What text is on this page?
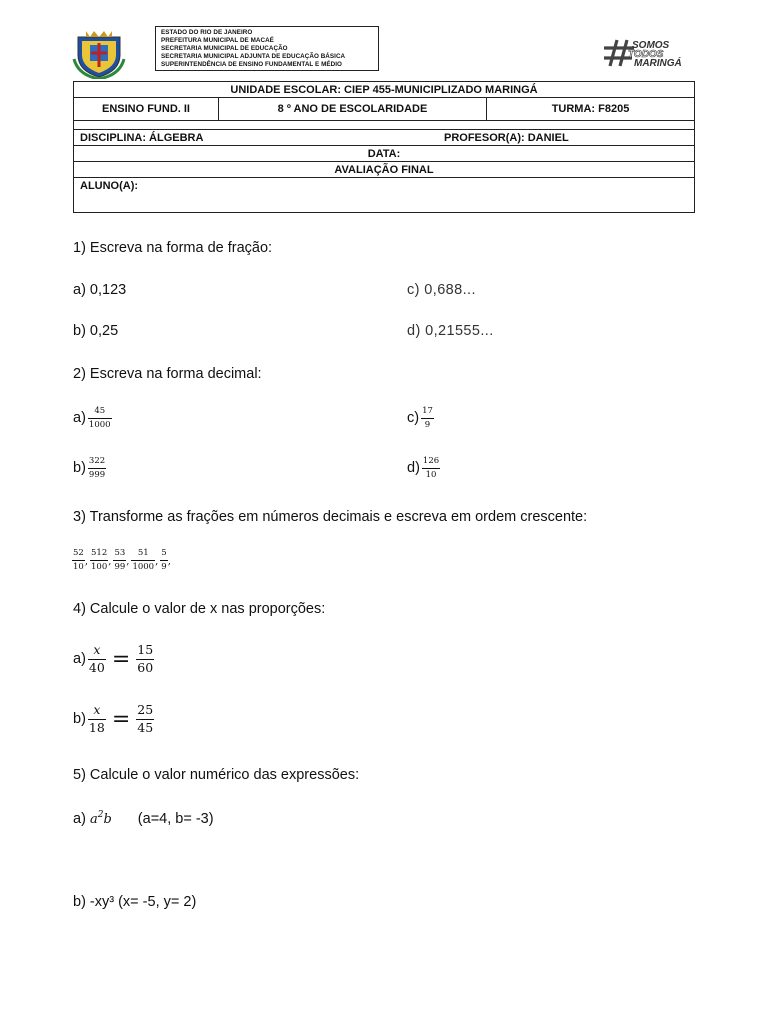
ESTADO DO RIO DE JANEIRO
PREFEITURA MUNICIPAL DE MACAÉ
SECRETARIA MUNICIPAL DE EDUCAÇÃO
SECRETARIA MUNICIPAL ADJUNTA DE EDUCAÇÃO BÁSICA
SUPERINTENDÊNCIA DE ENSINO FUNDAMENTAL E MÉDIO
SOMOS
TODOS
MARINGÁ
UNIDADE ESCOLAR: CIEP 455-MUNICIPLIZADO MARINGÁ
ENSINO FUND. II	8 º ANO DE ESCOLARIDADE	TURMA: F8205
DISCIPLINA: ÁLGEBRA	PROFESOR(A): DANIEL
DATA:
AVALIAÇÃO FINAL
ALUNO(A):
1) Escreva na forma de fração:
a) 0,123	c) 0,688...
b) 0,25	d) 0,21555...
2) Escreva na forma decimal:
$a) \frac{45}{1000}$	$c) \frac{17}{9}$
$b) \frac{322}{999}$	$d) \frac{126}{10}$
3) Transforme as frações em números decimais e escreva em ordem crescente:
$\frac{52}{10}$ , $\frac{512}{100}$ , $\frac{53}{99}$ , $\frac{51}{1000}$ , $\frac{5}{9}$ ,
4) Calcule o valor de x nas proporções:
$a) \frac{x}{40} = \frac{15}{60}$
$b) \frac{x}{18} = \frac{25}{45}$
5) Calcule o valor numérico das expressões:
a) $a^2b$ (a=4, b= -3)
b) -xy³ (x= -5, y= 2)
